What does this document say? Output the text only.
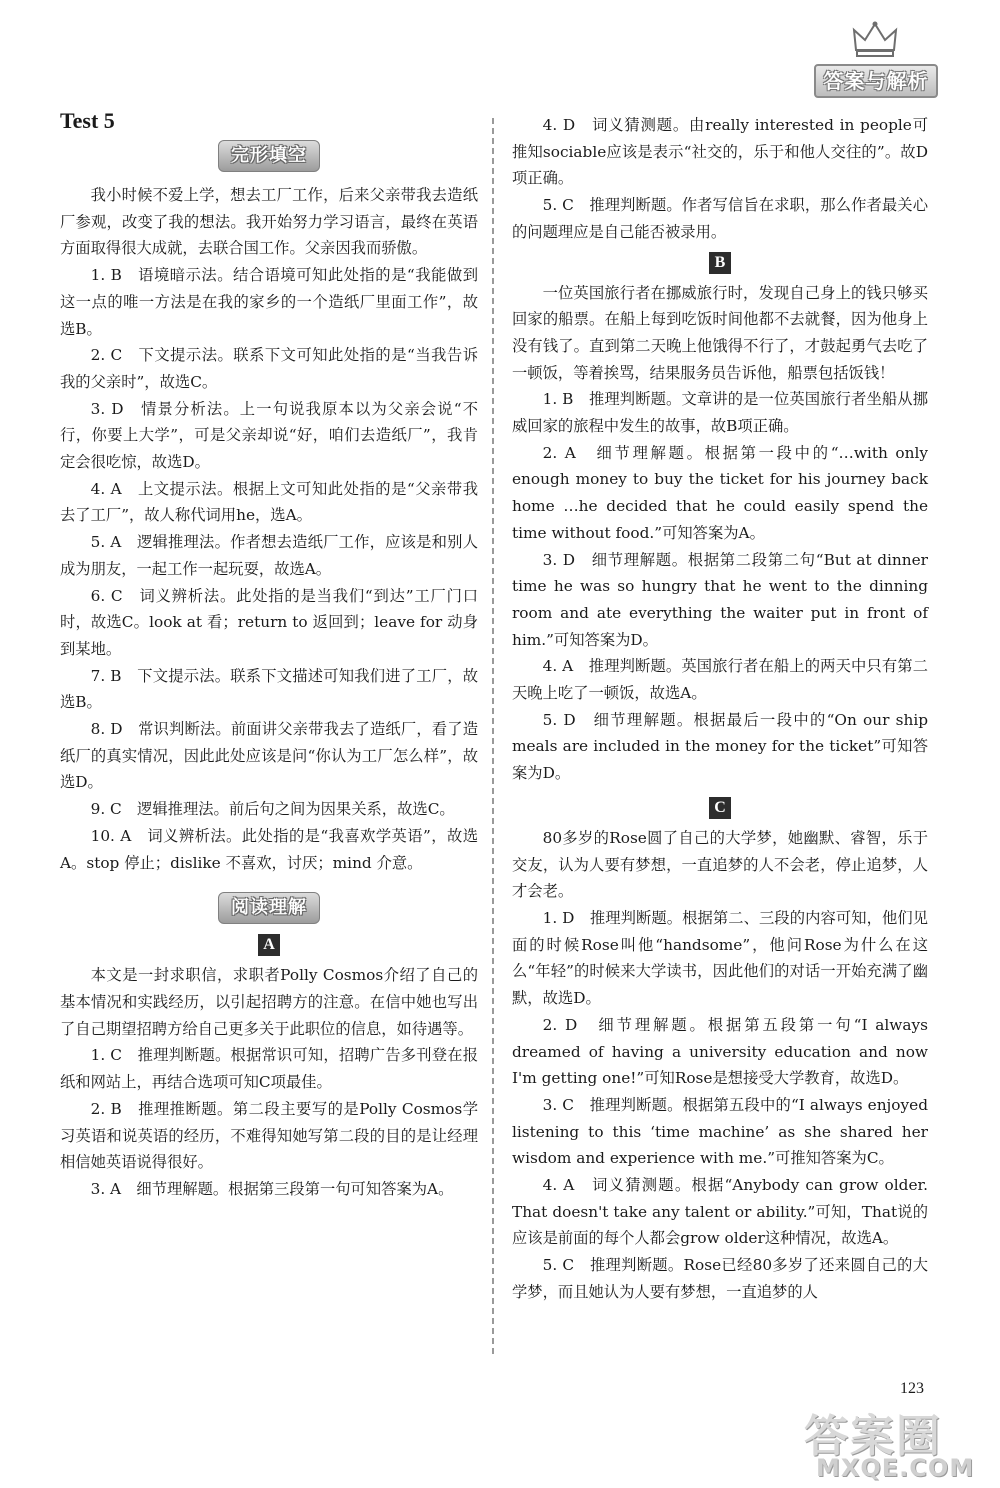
答案与解析
Test 5
完形填空

我小时候不爱上学，想去工厂工作，后来父亲带我去造纸厂参观，改变了我的想法。我开始努力学习语言，最终在英语方面取得很大成就，去联合国工作。父亲因我而骄傲。

1. B　语境暗示法。结合语境可知此处指的是“我能做到这一点的唯一方法是在我的家乡的一个造纸厂里面工作”，故选B。

2. C　下文提示法。联系下文可知此处指的是“当我告诉我的父亲时”，故选C。

3. D　情景分析法。上一句说我原本以为父亲会说“不行，你要上大学”，可是父亲却说“好，咱们去造纸厂”，我肯定会很吃惊，故选D。

4. A　上文提示法。根据上文可知此处指的是“父亲带我去了工厂”，故人称代词用he，选A。

5. A　逻辑推理法。作者想去造纸厂工作，应该是和别人成为朋友，一起工作一起玩耍，故选A。

6. C　词义辨析法。此处指的是当我们“到达”工厂门口时，故选C。look at 看；return to 返回到；leave for 动身到某地。

7. B　下文提示法。联系下文描述可知我们进了工厂，故选B。

8. D　常识判断法。前面讲父亲带我去了造纸厂，看了造纸厂的真实情况，因此此处应该是问“你认为工厂怎么样”，故选D。

9. C　逻辑推理法。前后句之间为因果关系，故选C。

10. A　词义辨析法。此处指的是“我喜欢学英语”，故选A。stop 停止；dislike 不喜欢，讨厌；mind 介意。

阅读理解
A

本文是一封求职信，求职者Polly Cosmos介绍了自己的基本情况和实践经历，以引起招聘方的注意。在信中她也写出了自己期望招聘方给自己更多关于此职位的信息，如待遇等。

1. C　推理判断题。根据常识可知，招聘广告多刊登在报纸和网站上，再结合选项可知C项最佳。

2. B　推理推断题。第二段主要写的是Polly Cosmos学习英语和说英语的经历，不难得知她写第二段的目的是让经理相信她英语说得很好。

3. A　细节理解题。根据第三段第一句可知答案为A。

4. D　词义猜测题。由really interested in people可推知sociable应该是表示“社交的，乐于和他人交往的”。故D项正确。

5. C　推理判断题。作者写信旨在求职，那么作者最关心的问题理应是自己能否被录用。

B

一位英国旅行者在挪威旅行时，发现自己身上的钱只够买回家的船票。在船上每到吃饭时间他都不去就餐，因为他身上没有钱了。直到第二天晚上他饿得不行了，才鼓起勇气去吃了一顿饭，等着挨骂，结果服务员告诉他，船票包括饭钱！

1. B　推理判断题。文章讲的是一位英国旅行者坐船从挪威回家的旅程中发生的故事，故B项正确。

2. A　细节理解题。根据第一段中的“…with only enough money to buy the ticket for his journey back home …he decided that he could easily spend the time without food.”可知答案为A。

3. D　细节理解题。根据第二段第二句“But at dinner time he was so hungry that he went to the dinning room and ate everything the waiter put in front of him.”可知答案为D。

4. A　推理判断题。英国旅行者在船上的两天中只有第二天晚上吃了一顿饭，故选A。

5. D　细节理解题。根据最后一段中的“On our ship meals are included in the money for the ticket”可知答案为D。

C

80多岁的Rose圆了自己的大学梦，她幽默、睿智，乐于交友，认为人要有梦想，一直追梦的人不会老，停止追梦，人才会老。

1. D　推理判断题。根据第二、三段的内容可知，他们见面的时候Rose叫他“handsome”，他问Rose为什么在这么“年轻”的时候来大学读书，因此他们的对话一开始充满了幽默，故选D。

2. D　细节理解题。根据第五段第一句“I always dreamed of having a university education and now I'm getting one!”可知Rose是想接受大学教育，故选D。

3. C　推理判断题。根据第五段中的“I always enjoyed listening to this ‘time machine’ as she shared her wisdom and experience with me.”可推知答案为C。

4. A　词义猜测题。根据“Anybody can grow older. That doesn't take any talent or ability.”可知，That说的应该是前面的每个人都会grow older这种情况，故选A。

5. C　推理判断题。Rose已经80多岁了还来圆自己的大学梦，而且她认为人要有梦想，一直追梦的人

123
答案圈
MXQE.COM
